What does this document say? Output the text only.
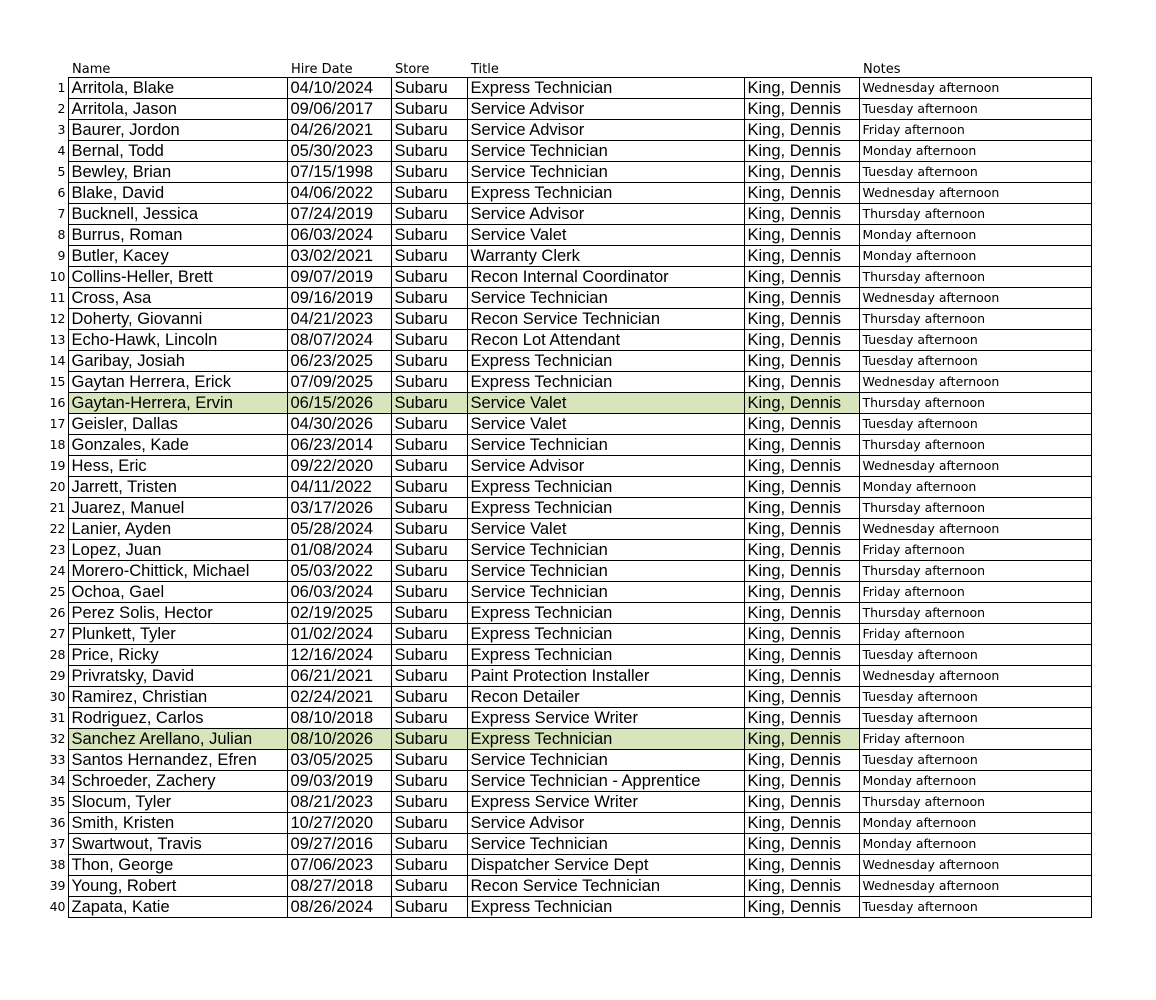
	Name	Hire Date	Store	Title		Notes
1	Arritola, Blake	04/10/2024	Subaru	Express Technician	King, Dennis	Wednesday afternoon
2	Arritola, Jason	09/06/2017	Subaru	Service Advisor	King, Dennis	Tuesday afternoon
3	Baurer, Jordon	04/26/2021	Subaru	Service Advisor	King, Dennis	Friday afternoon
4	Bernal, Todd	05/30/2023	Subaru	Service Technician	King, Dennis	Monday afternoon
5	Bewley, Brian	07/15/1998	Subaru	Service Technician	King, Dennis	Tuesday afternoon
6	Blake, David	04/06/2022	Subaru	Express Technician	King, Dennis	Wednesday afternoon
7	Bucknell, Jessica	07/24/2019	Subaru	Service Advisor	King, Dennis	Thursday afternoon
8	Burrus, Roman	06/03/2024	Subaru	Service Valet	King, Dennis	Monday afternoon
9	Butler, Kacey	03/02/2021	Subaru	Warranty Clerk	King, Dennis	Monday afternoon
10	Collins-Heller, Brett	09/07/2019	Subaru	Recon Internal Coordinator	King, Dennis	Thursday afternoon
11	Cross, Asa	09/16/2019	Subaru	Service Technician	King, Dennis	Wednesday afternoon
12	Doherty, Giovanni	04/21/2023	Subaru	Recon Service Technician	King, Dennis	Thursday afternoon
13	Echo-Hawk, Lincoln	08/07/2024	Subaru	Recon Lot Attendant	King, Dennis	Tuesday afternoon
14	Garibay, Josiah	06/23/2025	Subaru	Express Technician	King, Dennis	Tuesday afternoon
15	Gaytan Herrera, Erick	07/09/2025	Subaru	Express Technician	King, Dennis	Wednesday afternoon
16	Gaytan-Herrera, Ervin	06/15/2026	Subaru	Service Valet	King, Dennis	Thursday afternoon
17	Geisler, Dallas	04/30/2026	Subaru	Service Valet	King, Dennis	Tuesday afternoon
18	Gonzales, Kade	06/23/2014	Subaru	Service Technician	King, Dennis	Thursday afternoon
19	Hess, Eric	09/22/2020	Subaru	Service Advisor	King, Dennis	Wednesday afternoon
20	Jarrett, Tristen	04/11/2022	Subaru	Express Technician	King, Dennis	Monday afternoon
21	Juarez, Manuel	03/17/2026	Subaru	Express Technician	King, Dennis	Thursday afternoon
22	Lanier, Ayden	05/28/2024	Subaru	Service Valet	King, Dennis	Wednesday afternoon
23	Lopez, Juan	01/08/2024	Subaru	Service Technician	King, Dennis	Friday afternoon
24	Morero-Chittick, Michael	05/03/2022	Subaru	Service Technician	King, Dennis	Thursday afternoon
25	Ochoa, Gael	06/03/2024	Subaru	Service Technician	King, Dennis	Friday afternoon
26	Perez Solis, Hector	02/19/2025	Subaru	Express Technician	King, Dennis	Thursday afternoon
27	Plunkett, Tyler	01/02/2024	Subaru	Express Technician	King, Dennis	Friday afternoon
28	Price, Ricky	12/16/2024	Subaru	Express Technician	King, Dennis	Tuesday afternoon
29	Privratsky, David	06/21/2021	Subaru	Paint Protection Installer	King, Dennis	Wednesday afternoon
30	Ramirez, Christian	02/24/2021	Subaru	Recon Detailer	King, Dennis	Tuesday afternoon
31	Rodriguez, Carlos	08/10/2018	Subaru	Express Service Writer	King, Dennis	Tuesday afternoon
32	Sanchez Arellano, Julian	08/10/2026	Subaru	Express Technician	King, Dennis	Friday afternoon
33	Santos Hernandez, Efren	03/05/2025	Subaru	Service Technician	King, Dennis	Tuesday afternoon
34	Schroeder, Zachery	09/03/2019	Subaru	Service Technician - Apprentice	King, Dennis	Monday afternoon
35	Slocum, Tyler	08/21/2023	Subaru	Express Service Writer	King, Dennis	Thursday afternoon
36	Smith, Kristen	10/27/2020	Subaru	Service Advisor	King, Dennis	Monday afternoon
37	Swartwout, Travis	09/27/2016	Subaru	Service Technician	King, Dennis	Monday afternoon
38	Thon, George	07/06/2023	Subaru	Dispatcher Service Dept	King, Dennis	Wednesday afternoon
39	Young, Robert	08/27/2018	Subaru	Recon Service Technician	King, Dennis	Wednesday afternoon
40	Zapata, Katie	08/26/2024	Subaru	Express Technician	King, Dennis	Tuesday afternoon
